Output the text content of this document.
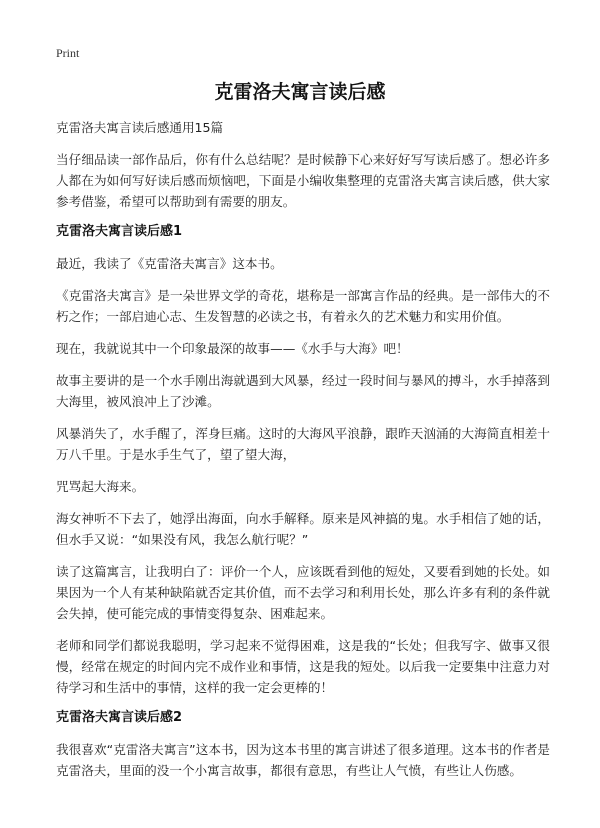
Print
克雷洛夫寓言读后感
克雷洛夫寓言读后感通用15篇

当仔细品读一部作品后，你有什么总结呢？是时候静下心来好好写写读后感了。想必许多人都在为如何写好读后感而烦恼吧，下面是小编收集整理的克雷洛夫寓言读后感，供大家参考借鉴，希望可以帮助到有需要的朋友。

克雷洛夫寓言读后感1

最近，我读了《克雷洛夫寓言》这本书。

《克雷洛夫寓言》是一朵世界文学的奇花，堪称是一部寓言作品的经典。是一部伟大的不朽之作；一部启迪心志、生发智慧的必读之书，有着永久的艺术魅力和实用价值。

现在，我就说其中一个印象最深的故事——《水手与大海》吧！

故事主要讲的是一个水手刚出海就遇到大风暴，经过一段时间与暴风的搏斗，水手掉落到大海里，被风浪冲上了沙滩。

风暴消失了，水手醒了，浑身巨痛。这时的大海风平浪静，跟昨天汹涌的大海简直相差十万八千里。于是水手生气了，望了望大海，

咒骂起大海来。

海女神听不下去了，她浮出海面，向水手解释。原来是风神搞的鬼。水手相信了她的话，但水手又说：“如果没有风，我怎么航行呢？”

读了这篇寓言，让我明白了：评价一个人，应该既看到他的短处，又要看到她的长处。如果因为一个人有某种缺陷就否定其价值，而不去学习和利用长处，那么许多有利的条件就会失掉，使可能完成的事情变得复杂、困难起来。

老师和同学们都说我聪明，学习起来不觉得困难，这是我的“长处；但我写字、做事又很慢，经常在规定的时间内完不成作业和事情，这是我的短处。以后我一定要集中注意力对待学习和生活中的事情，这样的我一定会更棒的！

克雷洛夫寓言读后感2

我很喜欢“克雷洛夫寓言”这本书，因为这本书里的寓言讲述了很多道理。这本书的作者是克雷洛夫，里面的没一个小寓言故事，都很有意思，有些让人气愤，有些让人伤感。
